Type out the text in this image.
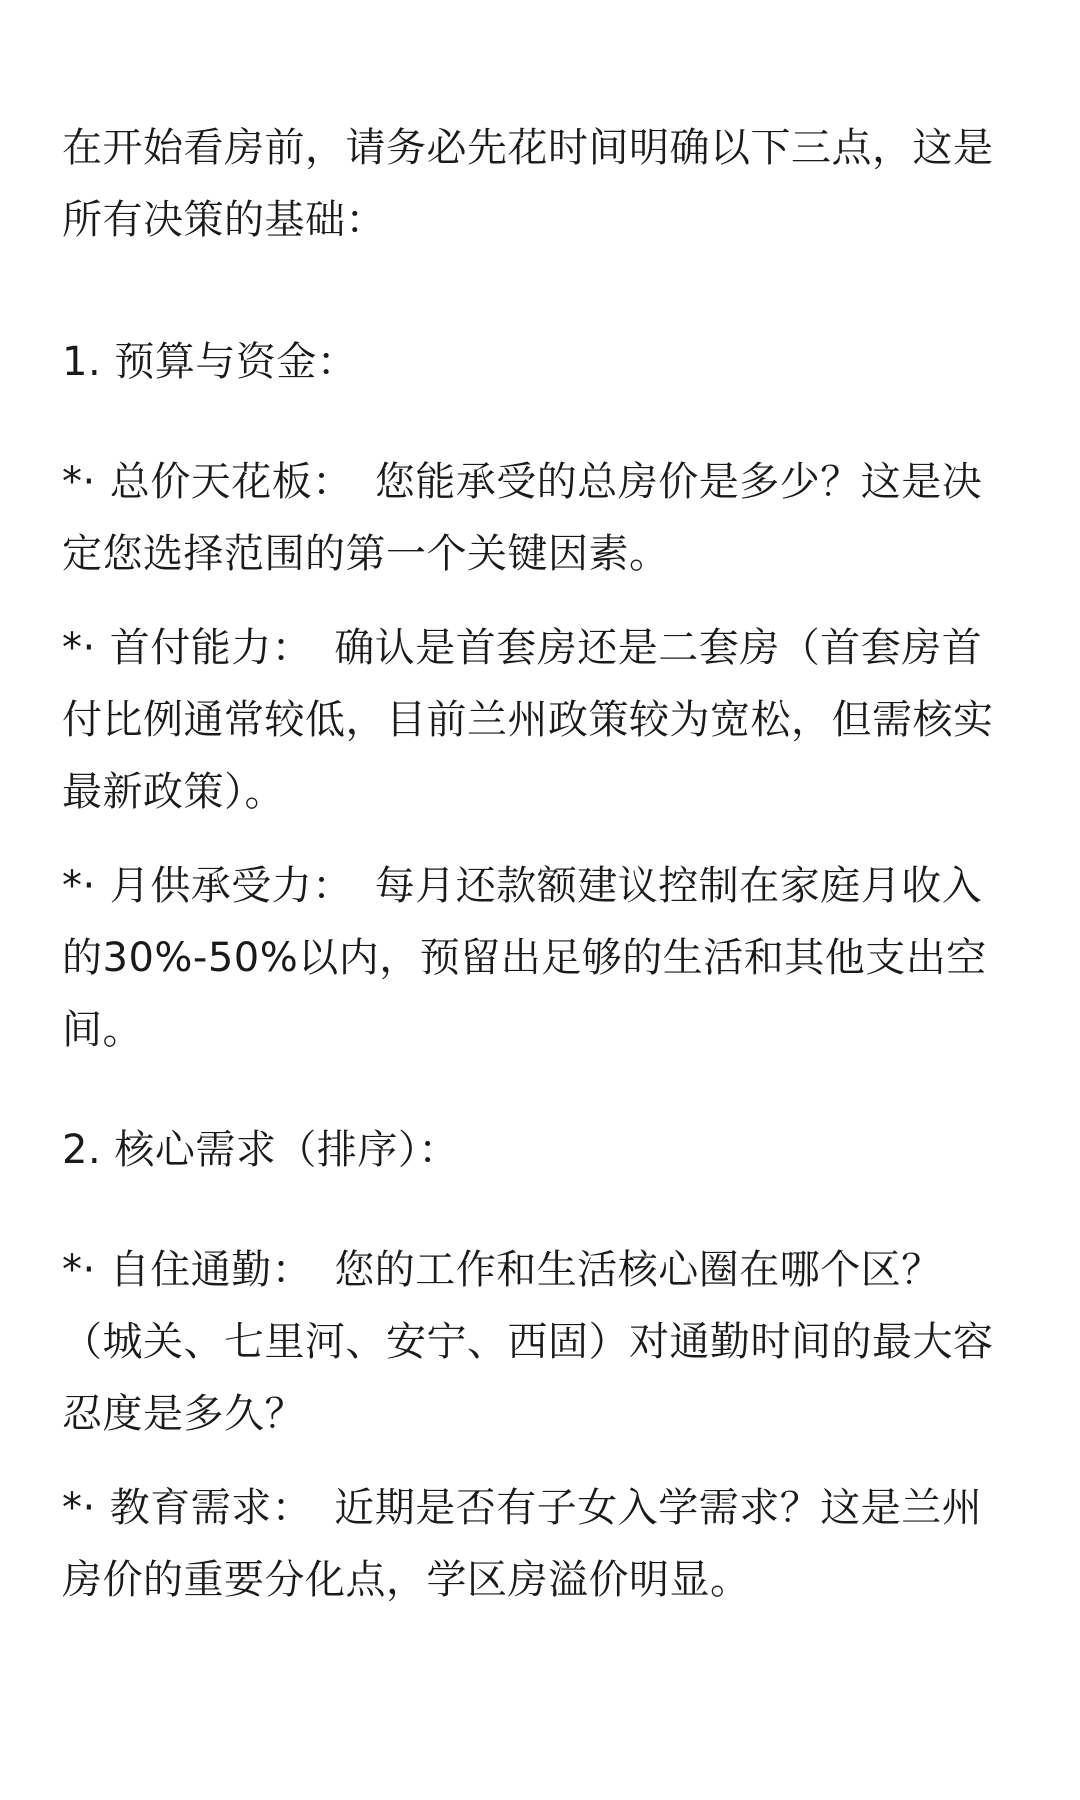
在开始看房前，请务必先花时间明确以下三点，这是所有决策的基础：

1. 预算与资金：

*· 总价天花板： 您能承受的总房价是多少？这是决定您选择范围的第一个关键因素。

*· 首付能力： 确认是首套房还是二套房（首套房首付比例通常较低，目前兰州政策较为宽松，但需核实最新政策）。

*· 月供承受力： 每月还款额建议控制在家庭月收入的30%-50%以内，预留出足够的生活和其他支出空间。

2. 核心需求（排序）：

*· 自住通勤： 您的工作和生活核心圈在哪个区？（城关、七里河、安宁、西固）对通勤时间的最大容忍度是多久？

*· 教育需求： 近期是否有子女入学需求？这是兰州房价的重要分化点，学区房溢价明显。
